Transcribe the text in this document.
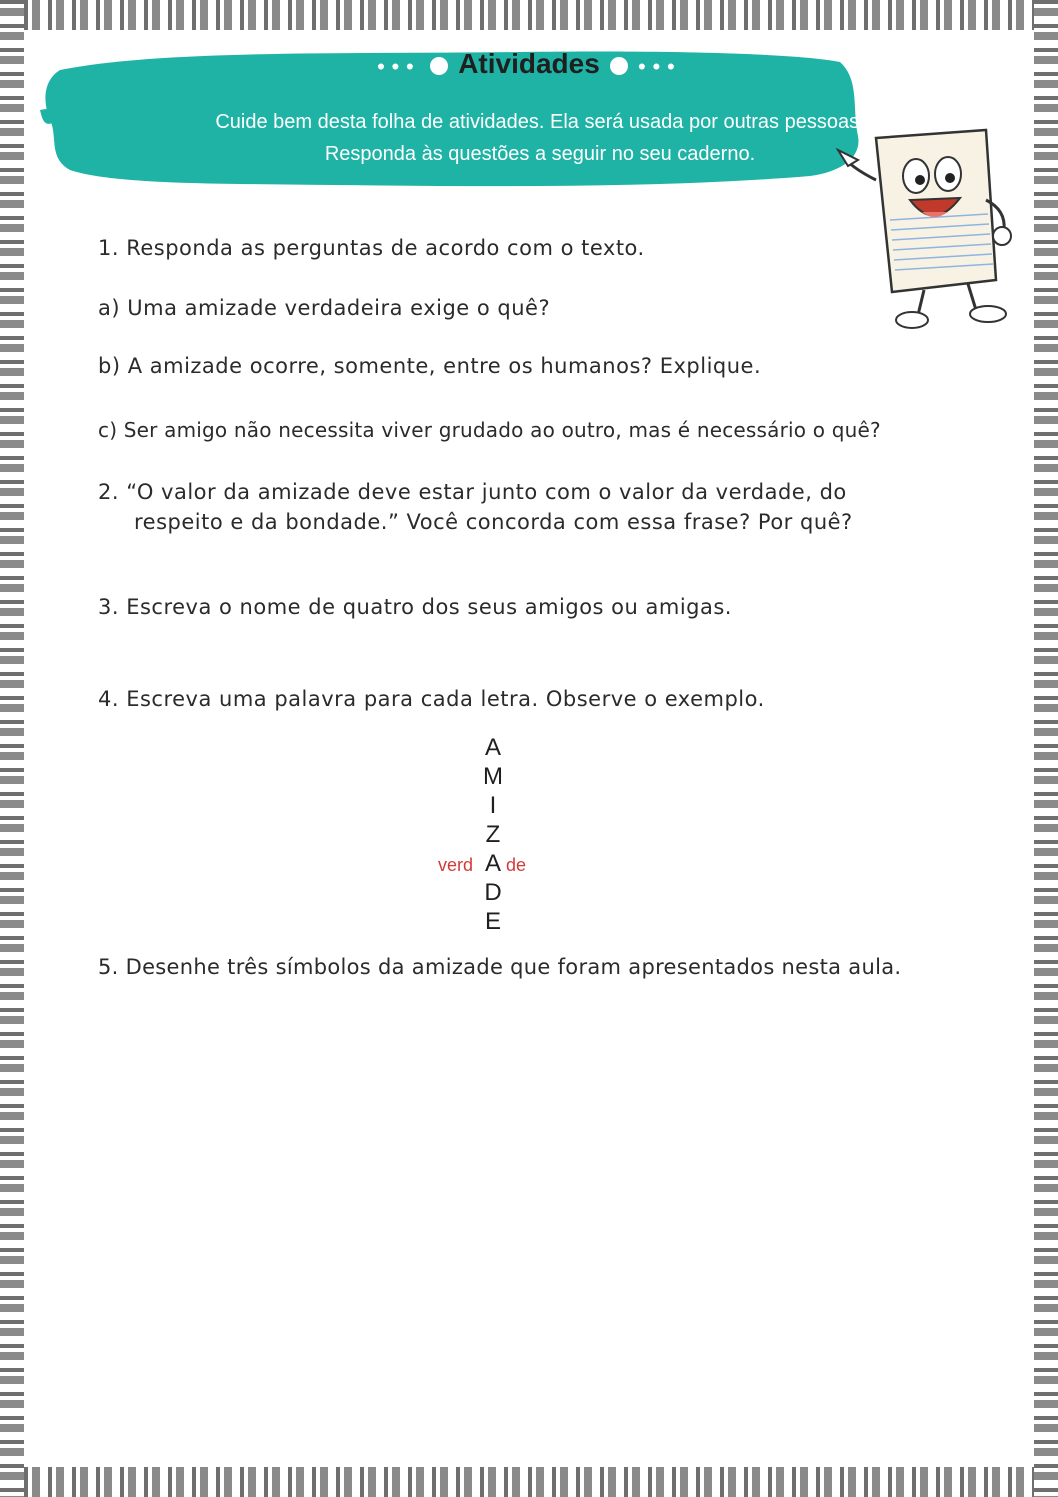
●●● Atividades	●●●
Cuide bem desta folha de atividades. Ela será usada por outras pessoas.
Responda às questões a seguir no seu caderno.
1. Responda as perguntas de acordo com o texto.
a) Uma amizade verdadeira exige o quê?
b) A amizade ocorre, somente, entre os humanos? Explique.
c) Ser amigo não necessita viver grudado ao outro, mas é necessário o quê?
2. “O valor da amizade deve estar junto com o valor da verdade, do
respeito e da bondade.” Você concorda com essa frase? Por quê?
3. Escreva o nome de quatro dos seus amigos ou amigas.
4. Escreva uma palavra para cada letra. Observe o exemplo.
A
M
I
Z
A
D
E
verd de
5. Desenhe três símbolos da amizade que foram apresentados nesta aula.
